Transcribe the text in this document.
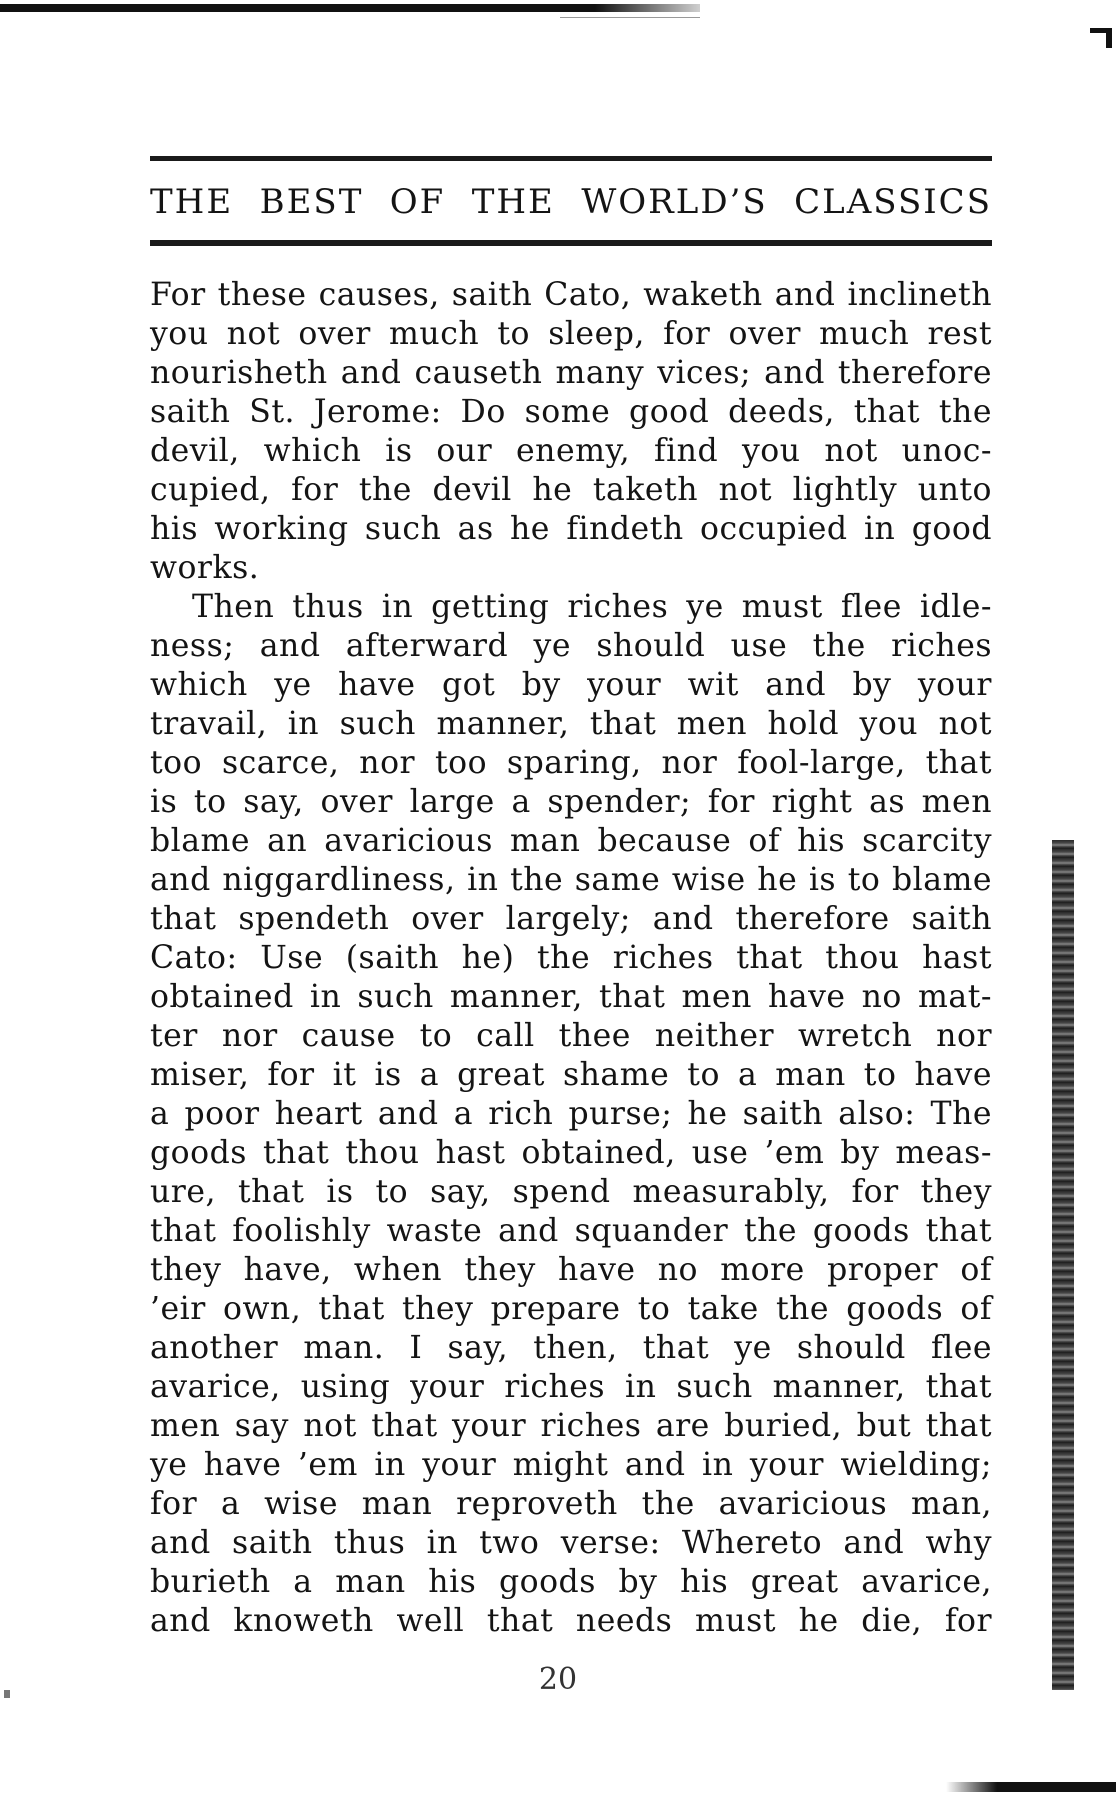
THE BEST OF THE WORLD’S CLASSICS
For these causes, saith Cato, waketh and inclineth
you not over much to sleep, for over much rest
nourisheth and causeth many vices; and therefore
saith St. Jerome: Do some good deeds, that the
devil, which is our enemy, find you not unoc-
cupied, for the devil he taketh not lightly unto
his working such as he findeth occupied in good
works.
Then thus in getting riches ye must flee idle-
ness; and afterward ye should use the riches
which ye have got by your wit and by your
travail, in such manner, that men hold you not
too scarce, nor too sparing, nor fool-large, that
is to say, over large a spender; for right as men
blame an avaricious man because of his scarcity
and niggardliness, in the same wise he is to blame
that spendeth over largely; and therefore saith
Cato: Use (saith he) the riches that thou hast
obtained in such manner, that men have no mat-
ter nor cause to call thee neither wretch nor
miser, for it is a great shame to a man to have
a poor heart and a rich purse; he saith also: The
goods that thou hast obtained, use ’em by meas-
ure, that is to say, spend measurably, for they
that foolishly waste and squander the goods that
they have, when they have no more proper of
’eir own, that they prepare to take the goods of
another man. I say, then, that ye should flee
avarice, using your riches in such manner, that
men say not that your riches are buried, but that
ye have ’em in your might and in your wielding;
for a wise man reproveth the avaricious man,
and saith thus in two verse: Whereto and why
burieth a man his goods by his great avarice,
and knoweth well that needs must he die, for
20
